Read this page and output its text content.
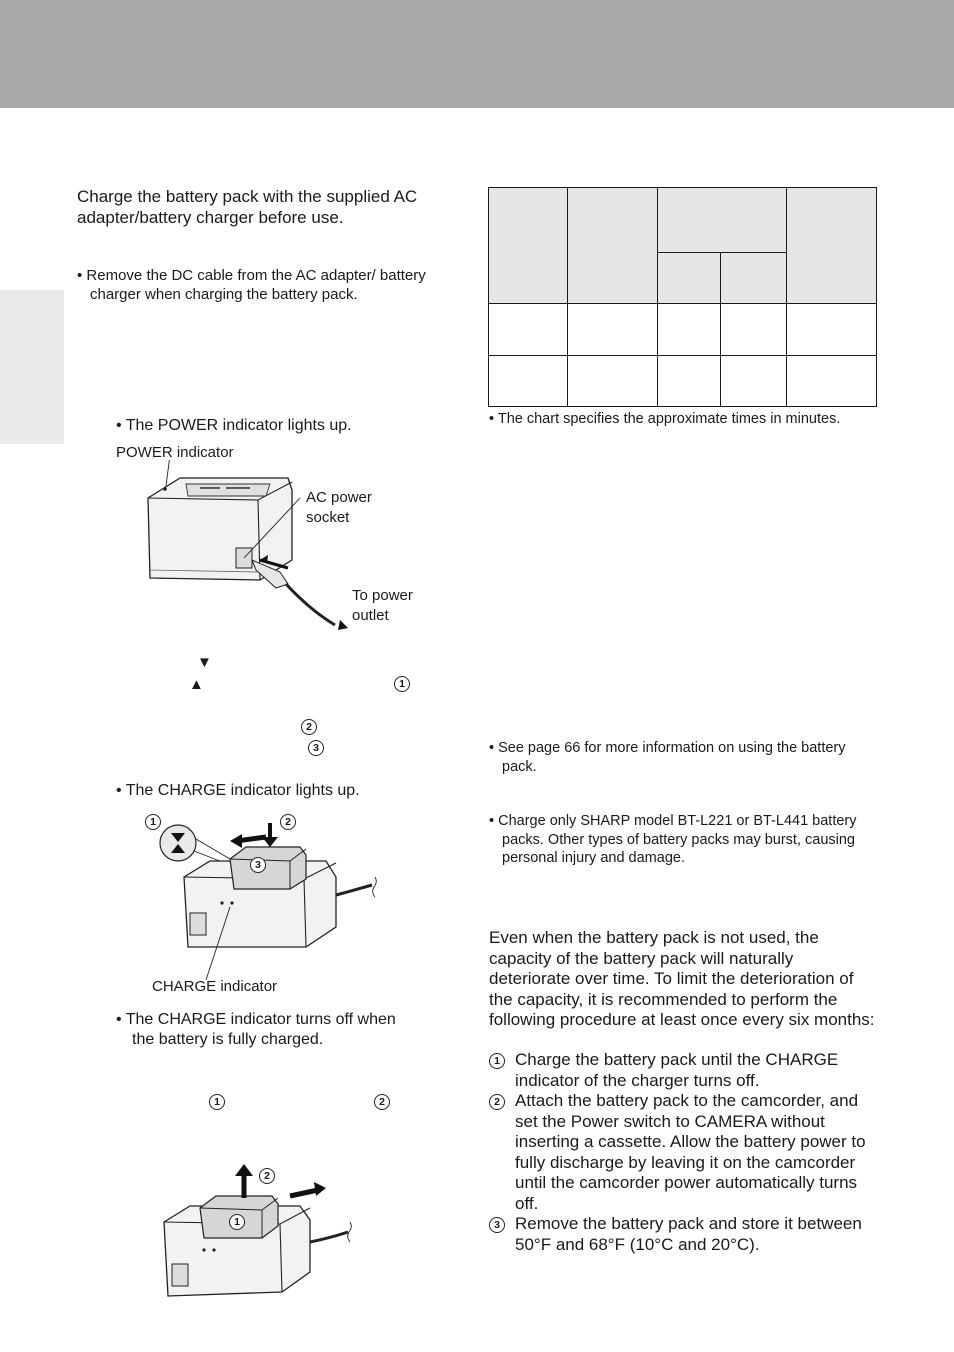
Charge the battery pack with the supplied AC adapter/battery charger before use.
• Remove the DC cable from the AC adapter/ battery charger when charging the battery pack.
• The POWER indicator lights up.
POWER indicator
AC power
socket
To power
outlet
▼
▲	1
2
3
• The CHARGE indicator lights up.
1	2
3
CHARGE indicator
• The CHARGE indicator turns off when
the battery is fully charged.
1	2
2
1

• The chart specifies the approximate times in minutes.
• See page 66 for more information on using the battery pack.
• Charge only SHARP model BT-L221 or BT-L441 battery packs. Other types of battery packs may burst, causing personal injury and damage.
Even when the battery pack is not used, the capacity of the battery pack will naturally deteriorate over time. To limit the deterioration of the capacity, it is recommended to perform the following procedure at least once every six months:
1 Charge the battery pack until the CHARGE indicator of the charger turns off.
2 Attach the battery pack to the camcorder, and set the Power switch to CAMERA without inserting a cassette. Allow the battery power to fully discharge by leaving it on the camcorder until the camcorder power automatically turns off.
3 Remove the battery pack and store it between 50°F and 68°F (10°C and 20°C).
